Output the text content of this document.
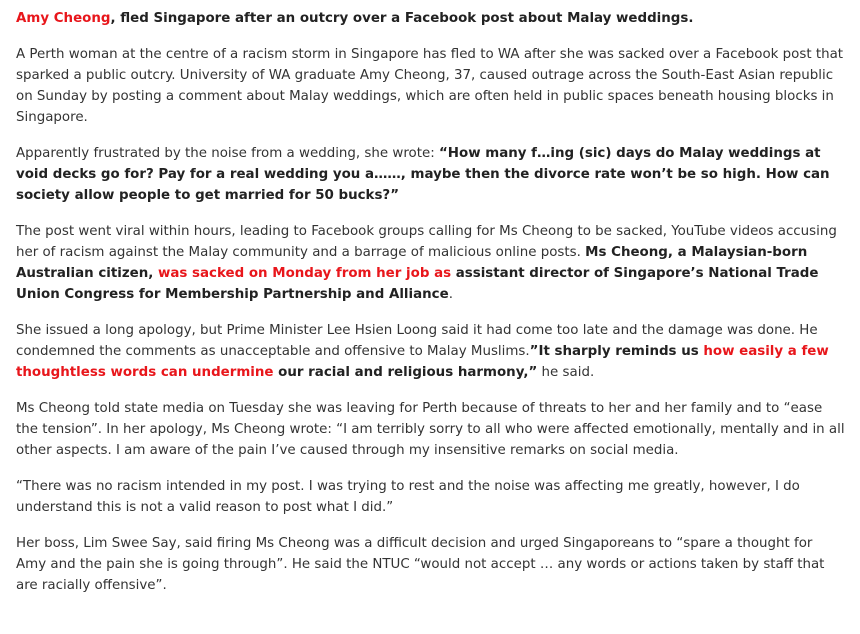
Amy Cheong, fled Singapore after an outcry over a Facebook post about Malay weddings.

A Perth woman at the centre of a racism storm in Singapore has fled to WA after she was sacked over a Facebook post that sparked a public outcry. University of WA graduate Amy Cheong, 37, caused outrage across the South-East Asian republic on Sunday by posting a comment about Malay weddings, which are often held in public spaces beneath housing blocks in Singapore.

Apparently frustrated by the noise from a wedding, she wrote: “How many f…ing (sic) days do Malay weddings at void decks go for? Pay for a real wedding you a……, maybe then the divorce rate won’t be so high. How can society allow people to get married for 50 bucks?”

The post went viral within hours, leading to Facebook groups calling for Ms Cheong to be sacked, YouTube videos accusing her of racism against the Malay community and a barrage of malicious online posts. Ms Cheong, a Malaysian-born Australian citizen, was sacked on Monday from her job as assistant director of Singapore’s National Trade Union Congress for Membership Partnership and Alliance.

She issued a long apology, but Prime Minister Lee Hsien Loong said it had come too late and the damage was done. He condemned the comments as unacceptable and offensive to Malay Muslims.”It sharply reminds us how easily a few thoughtless words can undermine our racial and religious harmony,” he said.

Ms Cheong told state media on Tuesday she was leaving for Perth because of threats to her and her family and to “ease the tension”. In her apology, Ms Cheong wrote: “I am terribly sorry to all who were affected emotionally, mentally and in all other aspects. I am aware of the pain I’ve caused through my insensitive remarks on social media.

“There was no racism intended in my post. I was trying to rest and the noise was affecting me greatly, however, I do understand this is not a valid reason to post what I did.”

Her boss, Lim Swee Say, said firing Ms Cheong was a difficult decision and urged Singaporeans to “spare a thought for Amy and the pain she is going through”. He said the NTUC “would not accept … any words or actions taken by staff that are racially offensive”.
